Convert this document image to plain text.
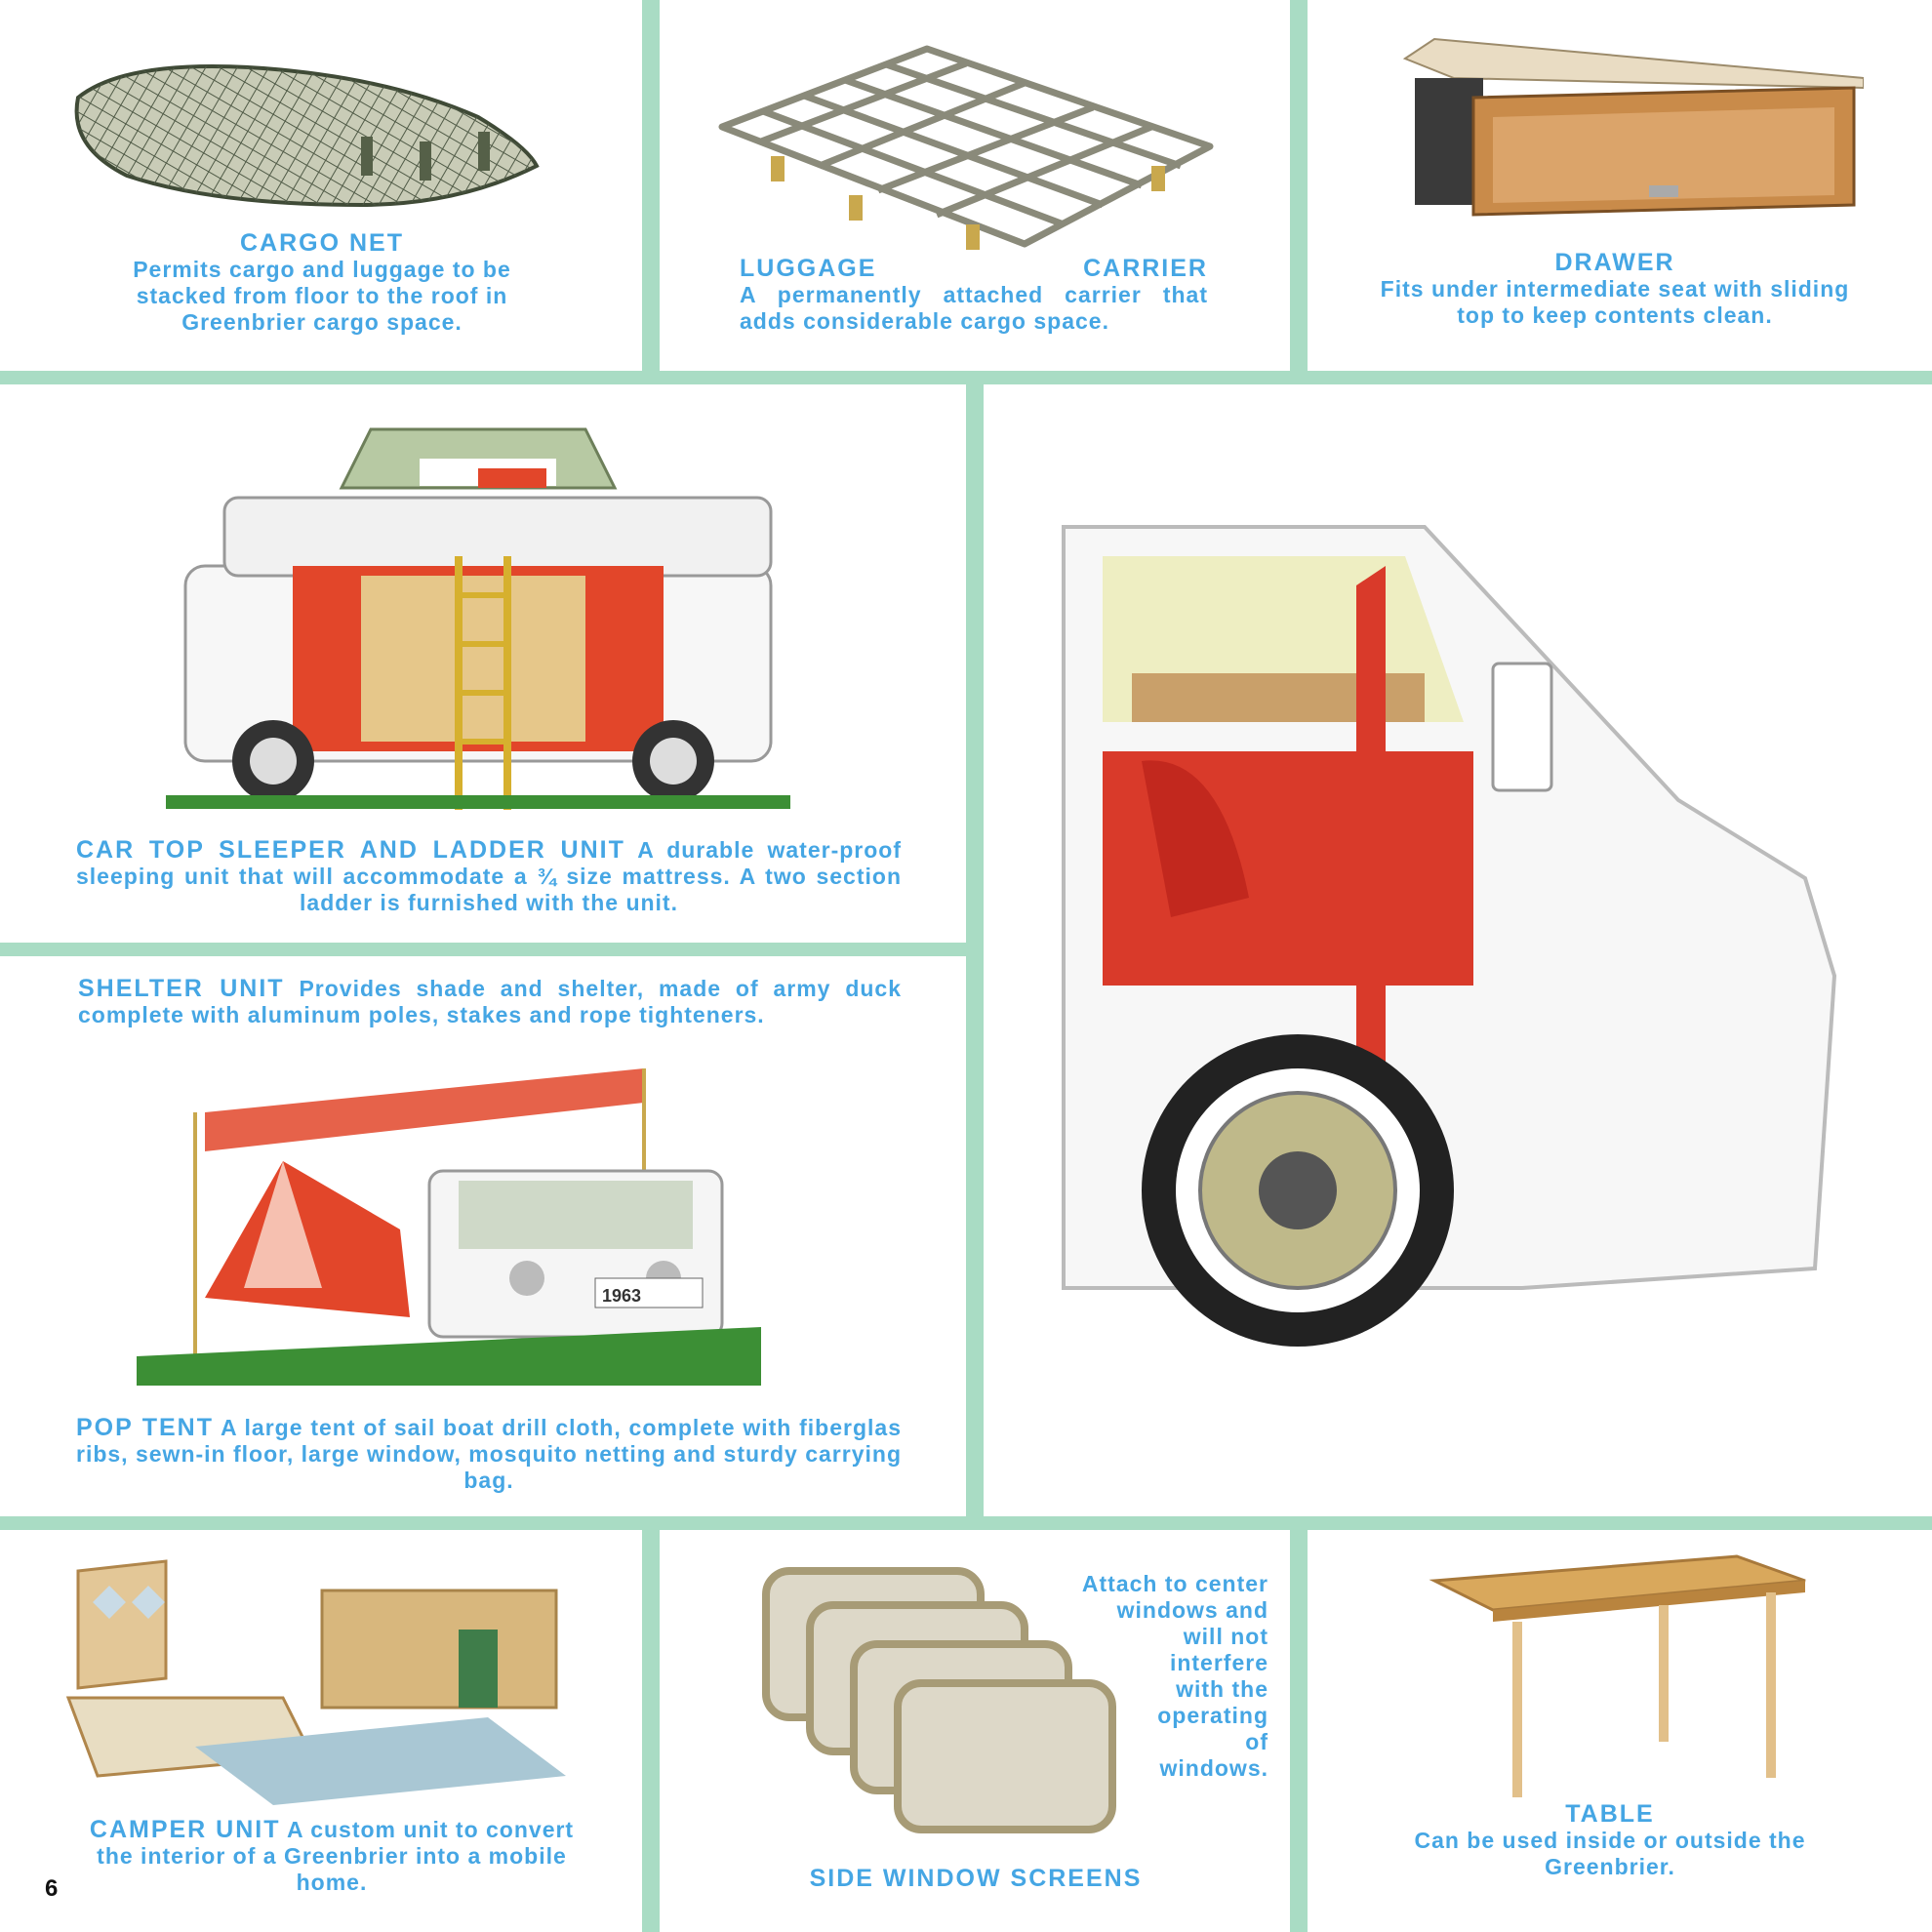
CARGO NET
Permits cargo and luggage to be stacked from floor to the roof in Greenbrier cargo space.
LUGGAGE	CARRIER
A permanently attached carrier that adds considerable cargo space.
DRAWER
Fits under intermediate seat with sliding top to keep contents clean.
CAR TOP SLEEPER AND LADDER UNIT A durable water-proof sleeping unit that will accommodate a ¾ size mattress. A two section ladder is furnished with the unit.
SHELTER UNIT Provides shade and shelter, made of army duck complete with aluminum poles, stakes and rope tighteners.
1963
POP TENT A large tent of sail boat drill cloth, complete with fiberglas ribs, sewn-in floor, large window, mosquito netting and sturdy carrying bag.
CAMPER UNIT A custom unit to convert the interior of a Greenbrier into a mobile home.
Attach to center
windows and
will not
interfere
with the
operating
of
windows.
SIDE WINDOW SCREENS
TABLE
Can be used inside or outside the Greenbrier.
6
